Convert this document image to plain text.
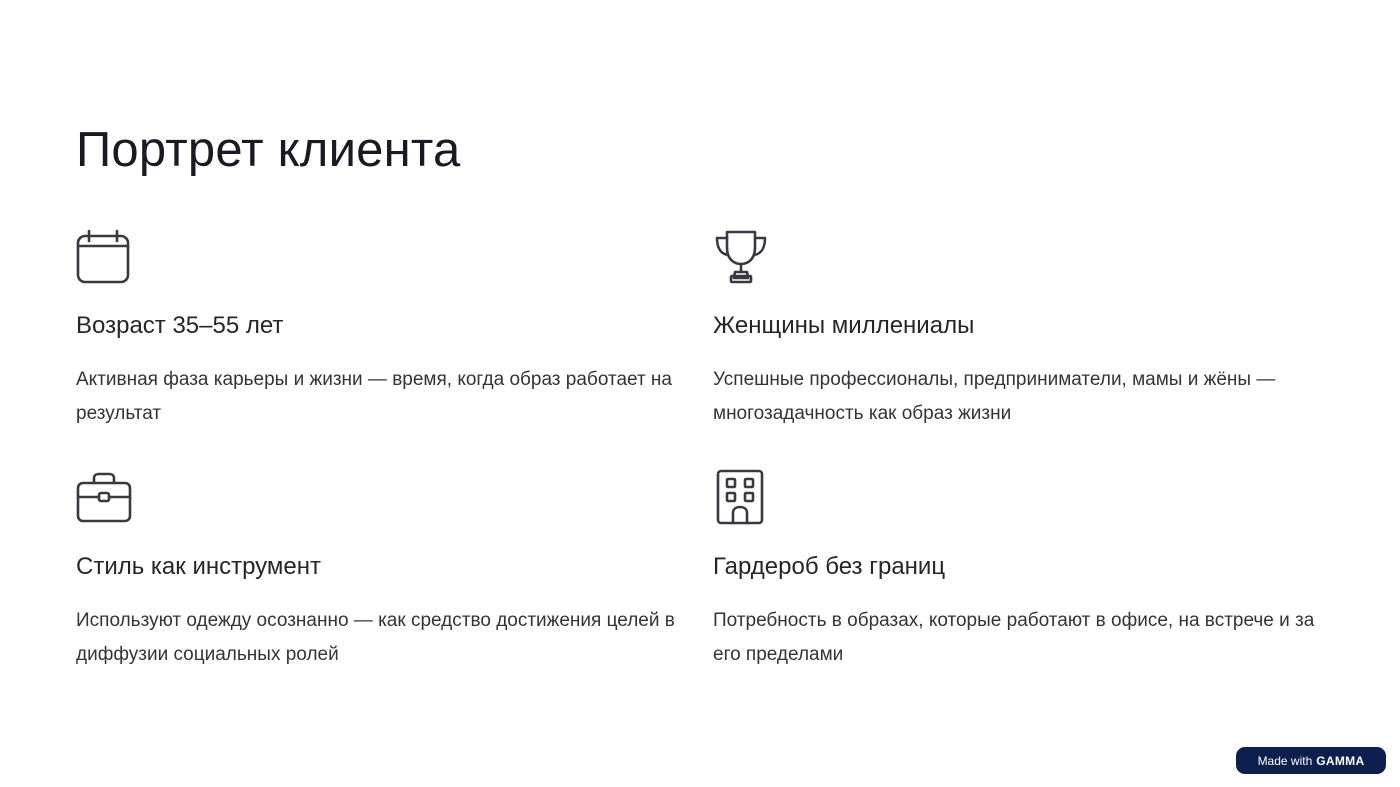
Портрет клиента
Возраст 35–55 лет

Активная фаза карьеры и жизни — время, когда образ работает на результат

Женщины миллениалы

Успешные профессионалы, предприниматели, мамы и жёны — многозадачность как образ жизни

Стиль как инструмент

Используют одежду осознанно — как средство достижения целей в диффузии социальных ролей

Гардероб без границ

Потребность в образах, которые работают в офисе, на встрече и за его пределами

Made with GAMMA
